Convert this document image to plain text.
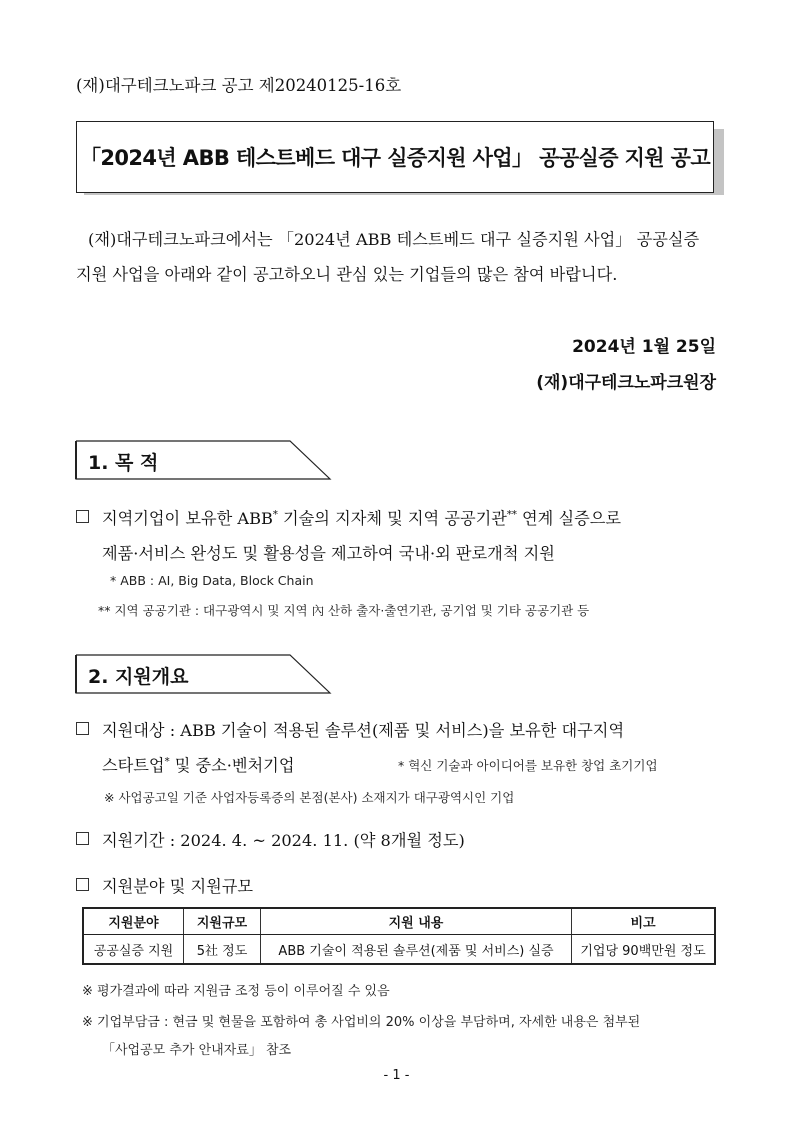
(재)대구테크노파크 공고 제20240125-16호
「2024년 ABB 테스트베드 대구 실증지원 사업」 공공실증 지원 공고
(재)대구테크노파크에서는 「2024년 ABB 테스트베드 대구 실증지원 사업」 공공실증
지원 사업을 아래와 같이 공고하오니 관심 있는 기업들의 많은 참여 바랍니다.
2024년 1월 25일
(재)대구테크노파크원장
1. 목 적
지역기업이 보유한 ABB* 기술의 지자체 및 지역 공공기관** 연계 실증으로
제품·서비스 완성도 및 활용성을 제고하여 국내·외 판로개척 지원
* ABB : AI, Big Data, Block Chain
** 지역 공공기관 : 대구광역시 및 지역 內 산하 출자·출연기관, 공기업 및 기타 공공기관 등
2. 지원개요
지원대상 : ABB 기술이 적용된 솔루션(제품 및 서비스)을 보유한 대구지역
스타트업* 및 중소·벤처기업	* 혁신 기술과 아이디어를 보유한 창업 초기기업
※ 사업공고일 기준 사업자등록증의 본점(본사) 소재지가 대구광역시인 기업
지원기간 : 2024. 4. ~ 2024. 11. (약 8개월 정도)
지원분야 및 지원규모
지원분야	지원규모	지원 내용	비고
공공실증 지원	5社 정도	ABB 기술이 적용된 솔루션(제품 및 서비스) 실증	기업당 90백만원 정도
※ 평가결과에 따라 지원금 조정 등이 이루어질 수 있음
※ 기업부담금 : 현금 및 현물을 포함하여 총 사업비의 20% 이상을 부담하며, 자세한 내용은 첨부된
「사업공모 추가 안내자료」 참조
- 1 -
